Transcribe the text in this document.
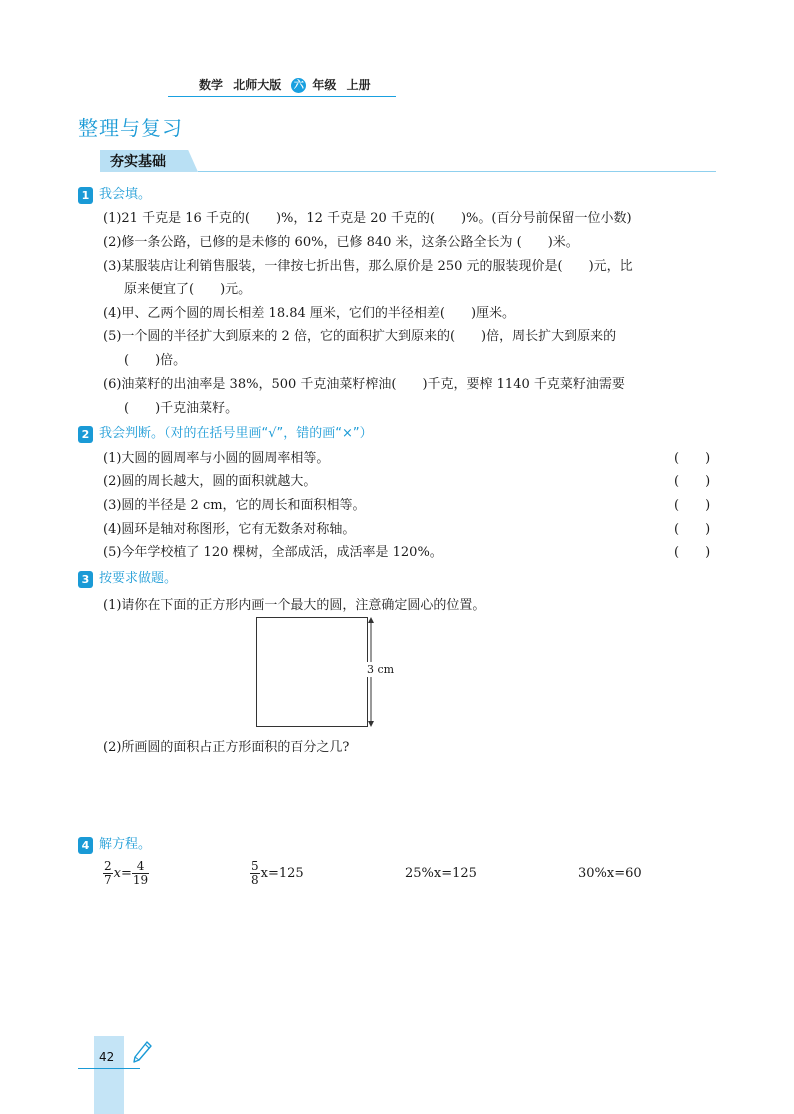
数学 北师大版 六 年级 上册
整理与复习
夯实基础
1 我会填。
(1)21 千克是 16 千克的(　　)%，12 千克是 20 千克的(　　)%。(百分号前保留一位小数)
(2)修一条公路，已修的是未修的 60%，已修 840 米，这条公路全长为 (　　)米。
(3)某服装店让利销售服装，一律按七折出售，那么原价是 250 元的服装现价是(　　)元，比
原来便宜了(　　)元。
(4)甲、乙两个圆的周长相差 18.84 厘米，它们的半径相差(　　)厘米。
(5)一个圆的半径扩大到原来的 2 倍，它的面积扩大到原来的(　　)倍，周长扩大到原来的
(　　)倍。
(6)油菜籽的出油率是 38%，500 千克油菜籽榨油(　　)千克，要榨 1140 千克菜籽油需要
(　　)千克油菜籽。
2 我会判断。（对的在括号里画“√”，错的画“×”）
(1)大圆的圆周率与小圆的圆周率相等。	(　　)
(2)圆的周长越大，圆的面积就越大。	(　　)
(3)圆的半径是 2 cm，它的周长和面积相等。	(　　)
(4)圆环是轴对称图形，它有无数条对称轴。	(　　)
(5)今年学校植了 120 棵树，全部成活，成活率是 120%。	(　　)
3 按要求做题。
(1)请你在下面的正方形内画一个最大的圆，注意确定圆心的位置。
3 cm
(2)所画圆的面积占正方形面积的百分之几?
4 解方程。
$\frac{2}{7} x= \frac{4}{19}$	$\frac{5}{8} x=125$	25%x=125	30%x=60
42
